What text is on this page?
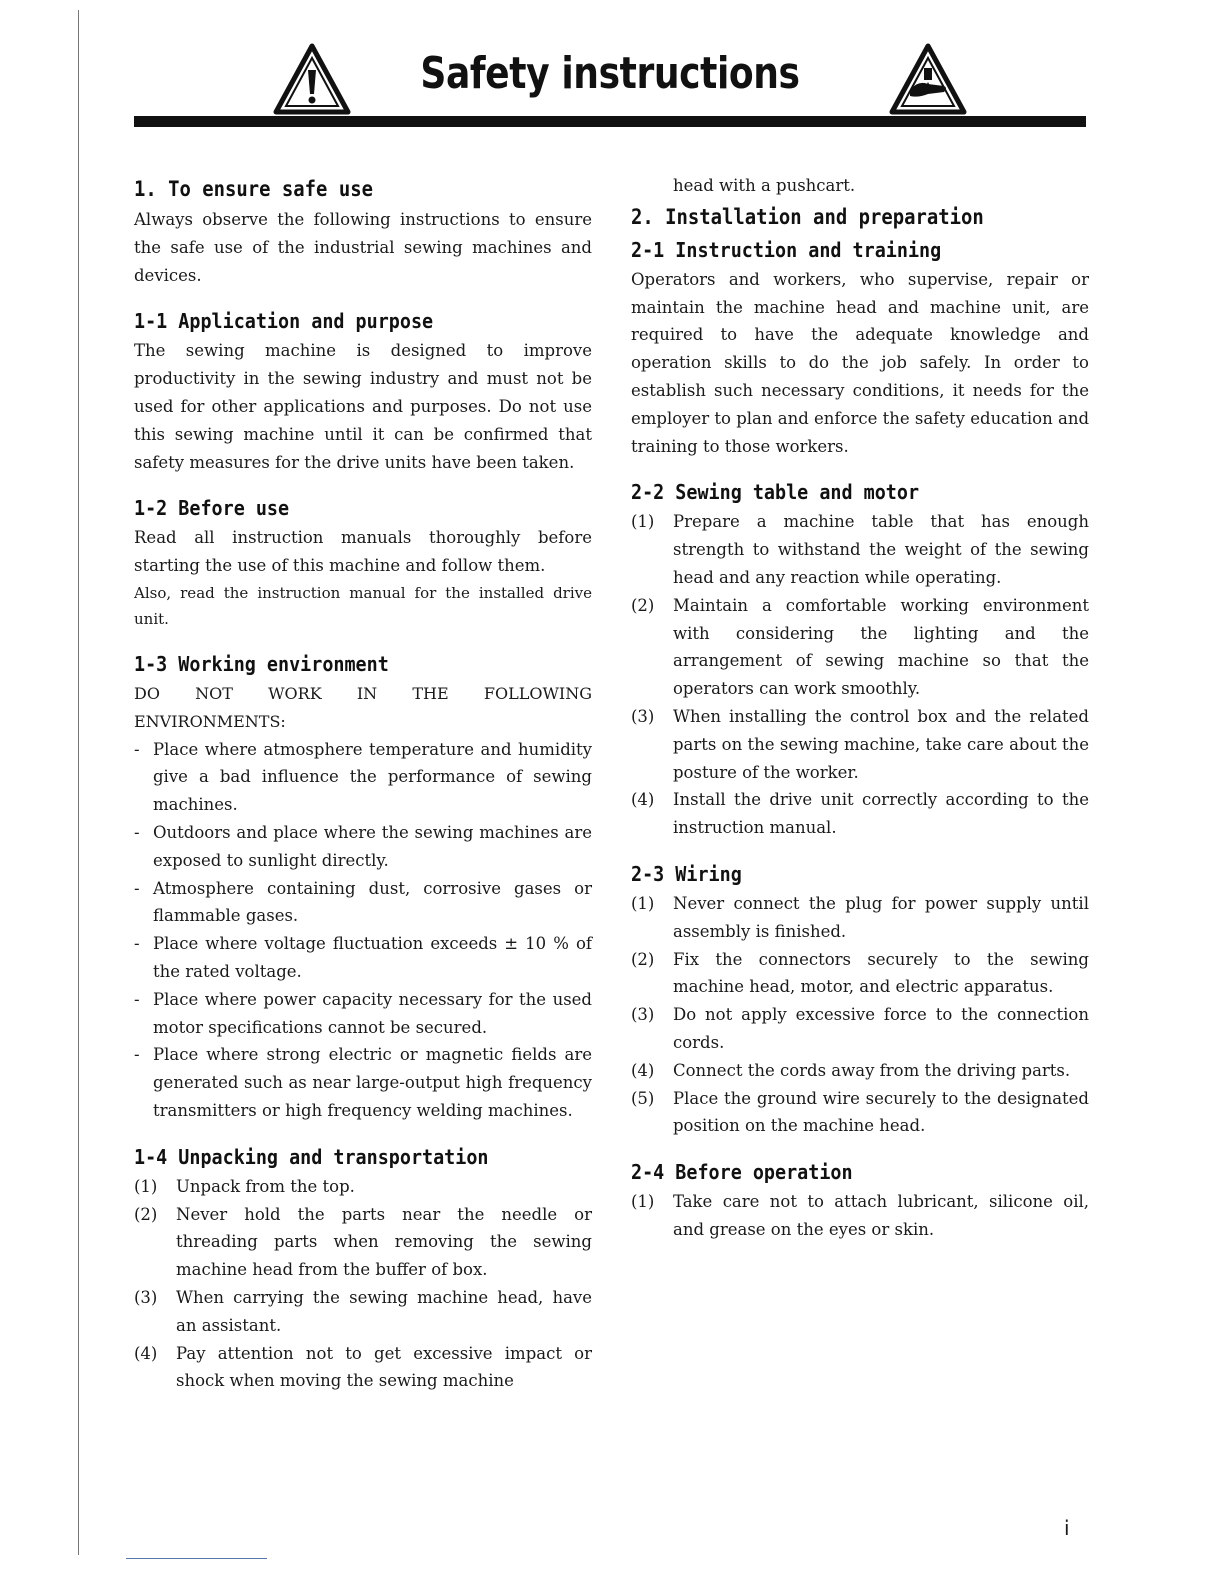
Safety instructions
1. To ensure safe use

Always observe the following instructions to ensure the safe use of the industrial sewing machines and devices.

1-1 Application and purpose

The sewing machine is designed to improve productivity in the sewing industry and must not be used for other applications and purposes. Do not use this sewing machine until it can be confirmed that safety measures for the drive units have been taken.

1-2 Before use

Read all instruction manuals thoroughly before starting the use of this machine and follow them.

Also, read the instruction manual for the installed drive unit.

1-3 Working environment

DO NOT WORK IN THE FOLLOWING ENVIRONMENTS:

- Place where atmosphere temperature and humidity give a bad influence the performance of sewing machines.
- Outdoors and place where the sewing machines are exposed to sunlight directly.
- Atmosphere containing dust, corrosive gases or flammable gases.
- Place where voltage fluctuation exceeds ± 10 % of the rated voltage.
- Place where power capacity necessary for the used motor specifications cannot be secured.
- Place where strong electric or magnetic fields are generated such as near large-output high frequency transmitters or high frequency welding machines.
1-4 Unpacking and transportation
(1) Unpack from the top.
(2) Never hold the parts near the needle or threading parts when removing the sewing machine head from the buffer of box.
(3) When carrying the sewing machine head, have an assistant.
(4) Pay attention not to get excessive impact or shock when moving the sewing machine
head with a pushcart.
2. Installation and preparation
2-1 Instruction and training

Operators and workers, who supervise, repair or maintain the machine head and machine unit, are required to have the adequate knowledge and operation skills to do the job safely. In order to establish such necessary conditions, it needs for the employer to plan and enforce the safety education and training to those workers.

2-2 Sewing table and motor
(1) Prepare a machine table that has enough strength to withstand the weight of the sewing head and any reaction while operating.
(2) Maintain a comfortable working environment with considering the lighting and the arrangement of sewing machine so that the operators can work smoothly.
(3) When installing the control box and the related parts on the sewing machine, take care about the posture of the worker.
(4) Install the drive unit correctly according to the instruction manual.
2-3 Wiring
(1) Never connect the plug for power supply until assembly is finished.
(2) Fix the connectors securely to the sewing machine head, motor, and electric apparatus.
(3) Do not apply excessive force to the connection cords.
(4) Connect the cords away from the driving parts.
(5) Place the ground wire securely to the designated position on the machine head.
2-4 Before operation
(1) Take care not to attach lubricant, silicone oil, and grease on the eyes or skin.
i
